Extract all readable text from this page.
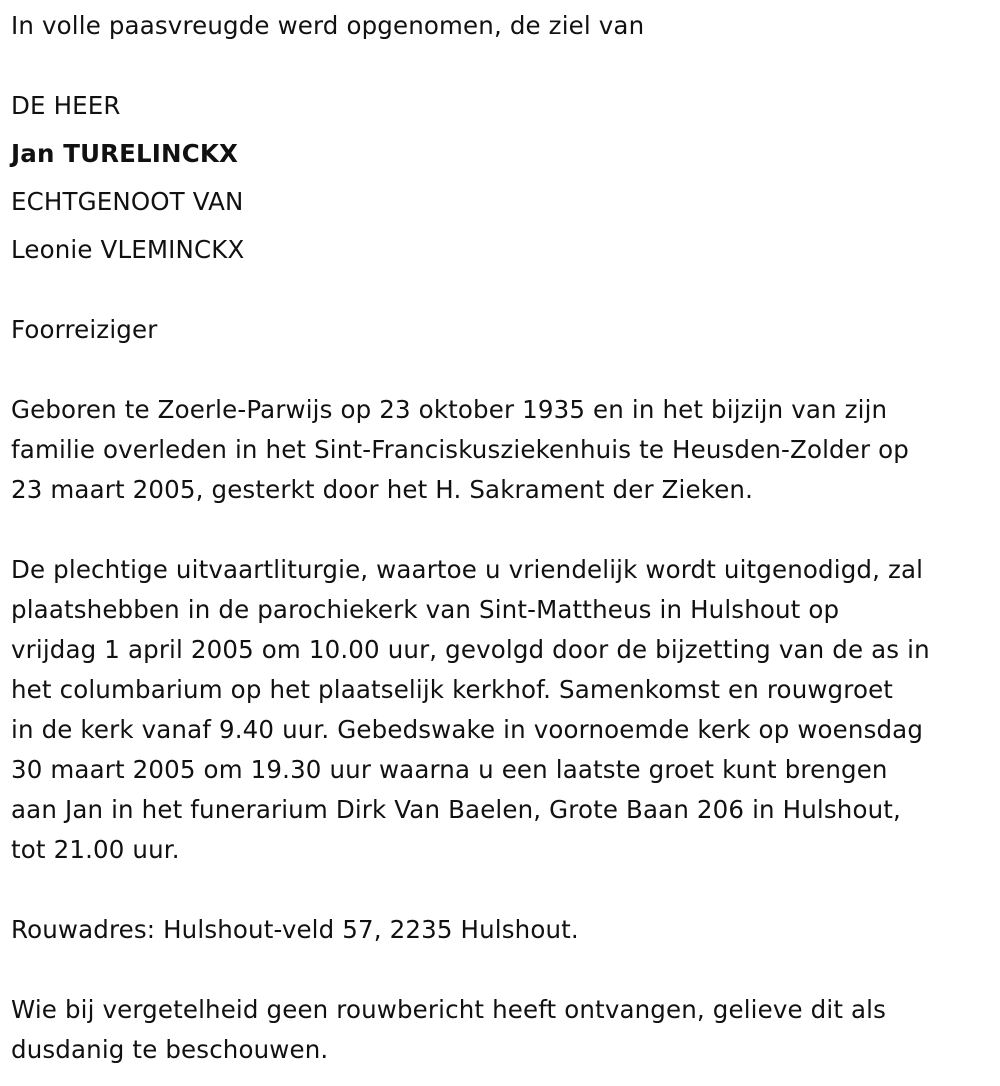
In volle paasvreugde werd opgenomen, de ziel van
DE HEER
Jan TURELINCKX
ECHTGENOOT VAN
Leonie VLEMINCKX
Foorreiziger
Geboren te Zoerle-Parwijs op 23 oktober 1935 en in het bijzijn van zijn
familie overleden in het Sint-Franciskusziekenhuis te Heusden-Zolder op
23 maart 2005, gesterkt door het H. Sakrament der Zieken.
De plechtige uitvaartliturgie, waartoe u vriendelijk wordt uitgenodigd, zal
plaatshebben in de parochiekerk van Sint-Mattheus in Hulshout op
vrijdag 1 april 2005 om 10.00 uur, gevolgd door de bijzetting van de as in
het columbarium op het plaatselijk kerkhof. Samenkomst en rouwgroet
in de kerk vanaf 9.40 uur. Gebedswake in voornoemde kerk op woensdag
30 maart 2005 om 19.30 uur waarna u een laatste groet kunt brengen
aan Jan in het funerarium Dirk Van Baelen, Grote Baan 206 in Hulshout,
tot 21.00 uur.
Rouwadres: Hulshout-veld 57, 2235 Hulshout.
Wie bij vergetelheid geen rouwbericht heeft ontvangen, gelieve dit als
dusdanig te beschouwen.
